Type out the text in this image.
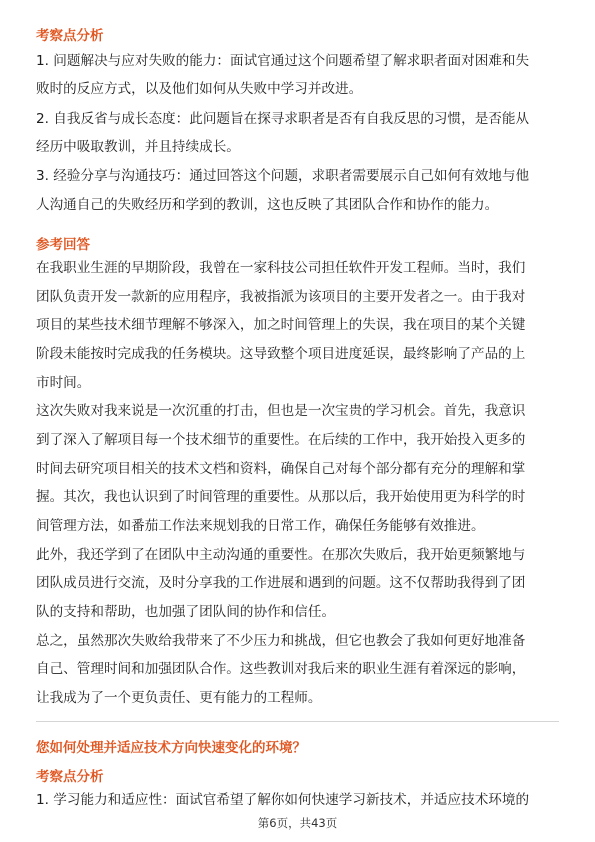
考察点分析
1. 问题解决与应对失败的能力：面试官通过这个问题希望了解求职者面对困难和失
败时的反应方式，以及他们如何从失败中学习并改进。
2. 自我反省与成长态度：此问题旨在探寻求职者是否有自我反思的习惯，是否能从
经历中吸取教训，并且持续成长。
3. 经验分享与沟通技巧：通过回答这个问题，求职者需要展示自己如何有效地与他
人沟通自己的失败经历和学到的教训，这也反映了其团队合作和协作的能力。
参考回答
在我职业生涯的早期阶段，我曾在一家科技公司担任软件开发工程师。当时，我们
团队负责开发一款新的应用程序，我被指派为该项目的主要开发者之一。由于我对
项目的某些技术细节理解不够深入，加之时间管理上的失误，我在项目的某个关键
阶段未能按时完成我的任务模块。这导致整个项目进度延误，最终影响了产品的上
市时间。
这次失败对我来说是一次沉重的打击，但也是一次宝贵的学习机会。首先，我意识
到了深入了解项目每一个技术细节的重要性。在后续的工作中，我开始投入更多的
时间去研究项目相关的技术文档和资料，确保自己对每个部分都有充分的理解和掌
握。其次，我也认识到了时间管理的重要性。从那以后，我开始使用更为科学的时
间管理方法，如番茄工作法来规划我的日常工作，确保任务能够有效推进。
此外，我还学到了在团队中主动沟通的重要性。在那次失败后，我开始更频繁地与
团队成员进行交流，及时分享我的工作进展和遇到的问题。这不仅帮助我得到了团
队的支持和帮助，也加强了团队间的协作和信任。
总之，虽然那次失败给我带来了不少压力和挑战，但它也教会了我如何更好地准备
自己、管理时间和加强团队合作。这些教训对我后来的职业生涯有着深远的影响，
让我成为了一个更负责任、更有能力的工程师。
您如何处理并适应技术方向快速变化的环境？
考察点分析
1. 学习能力和适应性：面试官希望了解你如何快速学习新技术，并适应技术环境的
第6页，共43页
